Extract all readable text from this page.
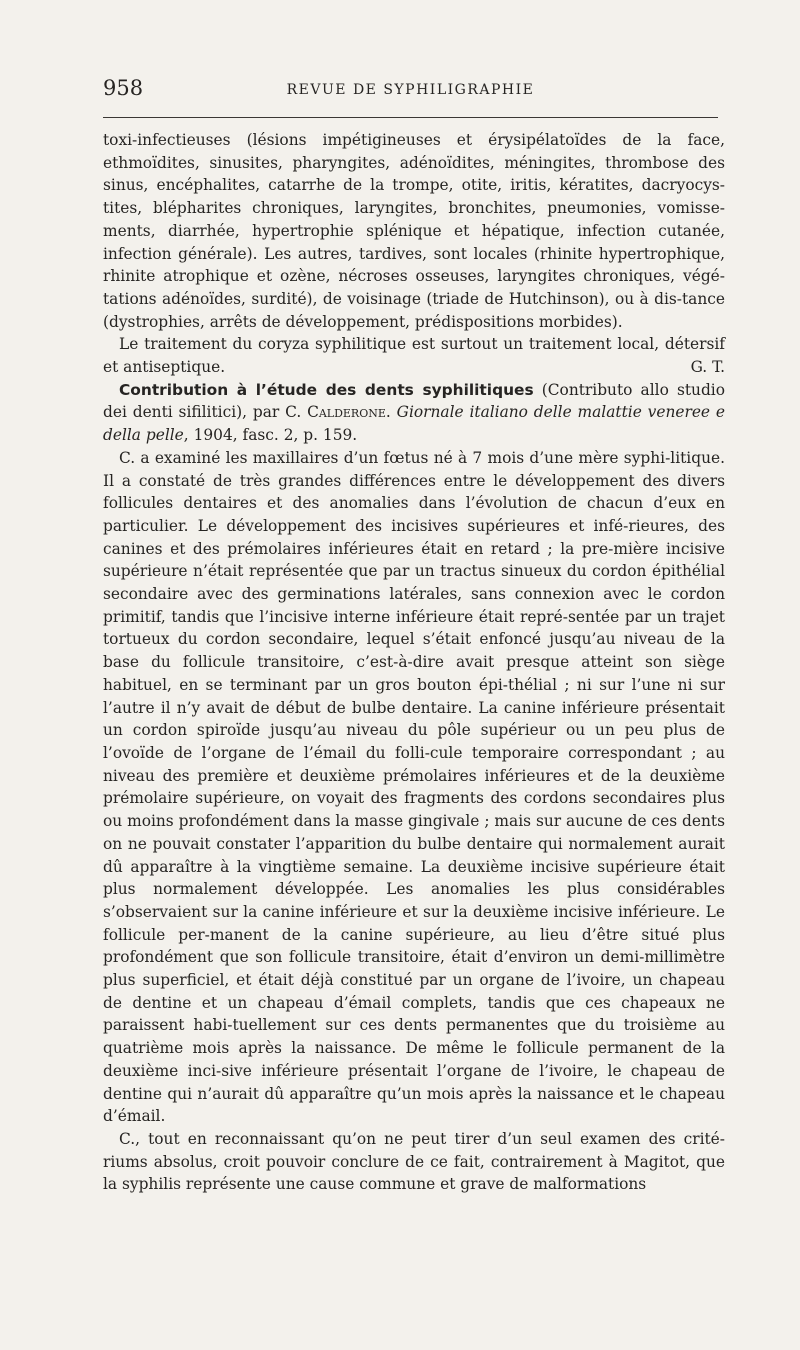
958	REVUE DE SYPHILIGRAPHIE

toxi-infectieuses (lésions impétigineuses et érysipélatoïdes de la face, ethmoïdites, sinusites, pharyngites, adénoïdites, méningites, thrombose des sinus, encéphalites, catarrhe de la trompe, otite, iritis, kératites, dacryocys-tites, blépharites chroniques, laryngites, bronchites, pneumonies, vomisse-ments, diarrhée, hypertrophie splénique et hépatique, infection cutanée, infection générale). Les autres, tardives, sont locales (rhinite hypertrophique, rhinite atrophique et ozène, nécroses osseuses, laryngites chroniques, végé-tations adénoïdes, surdité), de voisinage (triade de Hutchinson), ou à dis-tance (dystrophies, arrêts de développement, prédispositions morbides).

Le traitement du coryza syphilitique est surtout un traitement local, détersif et antiseptique.	G. T.

Contribution à l’étude des dents syphilitiques (Contributo allo studio dei denti sifilitici), par C. Calderone. Giornale italiano delle malattie veneree e della pelle, 1904, fasc. 2, p. 159.

C. a examiné les maxillaires d’un fœtus né à 7 mois d’une mère syphi-litique. Il a constaté de très grandes différences entre le développement des divers follicules dentaires et des anomalies dans l’évolution de chacun d’eux en particulier. Le développement des incisives supérieures et infé-rieures, des canines et des prémolaires inférieures était en retard ; la pre-mière incisive supérieure n’était représentée que par un tractus sinueux du cordon épithélial secondaire avec des germinations latérales, sans connexion avec le cordon primitif, tandis que l’incisive interne inférieure était repré-sentée par un trajet tortueux du cordon secondaire, lequel s’était enfoncé jusqu’au niveau de la base du follicule transitoire, c’est-à-dire avait presque atteint son siège habituel, en se terminant par un gros bouton épi-thélial ; ni sur l’une ni sur l’autre il n’y avait de début de bulbe dentaire. La canine inférieure présentait un cordon spiroïde jusqu’au niveau du pôle supérieur ou un peu plus de l’ovoïde de l’organe de l’émail du folli-cule temporaire correspondant ; au niveau des première et deuxième prémolaires inférieures et de la deuxième prémolaire supérieure, on voyait des fragments des cordons secondaires plus ou moins profondément dans la masse gingivale ; mais sur aucune de ces dents on ne pouvait constater l’apparition du bulbe dentaire qui normalement aurait dû apparaître à la vingtième semaine. La deuxième incisive supérieure était plus normalement développée. Les anomalies les plus considérables s’observaient sur la canine inférieure et sur la deuxième incisive inférieure. Le follicule per-manent de la canine supérieure, au lieu d’être situé plus profondément que son follicule transitoire, était d’environ un demi-millimètre plus superficiel, et était déjà constitué par un organe de l’ivoire, un chapeau de dentine et un chapeau d’émail complets, tandis que ces chapeaux ne paraissent habi-tuellement sur ces dents permanentes que du troisième au quatrième mois après la naissance. De même le follicule permanent de la deuxième inci-sive inférieure présentait l’organe de l’ivoire, le chapeau de dentine qui n’aurait dû apparaître qu’un mois après la naissance et le chapeau d’émail.

C., tout en reconnaissant qu’on ne peut tirer d’un seul examen des crité-riums absolus, croit pouvoir conclure de ce fait, contrairement à Magitot, que la syphilis représente une cause commune et grave de malformations
